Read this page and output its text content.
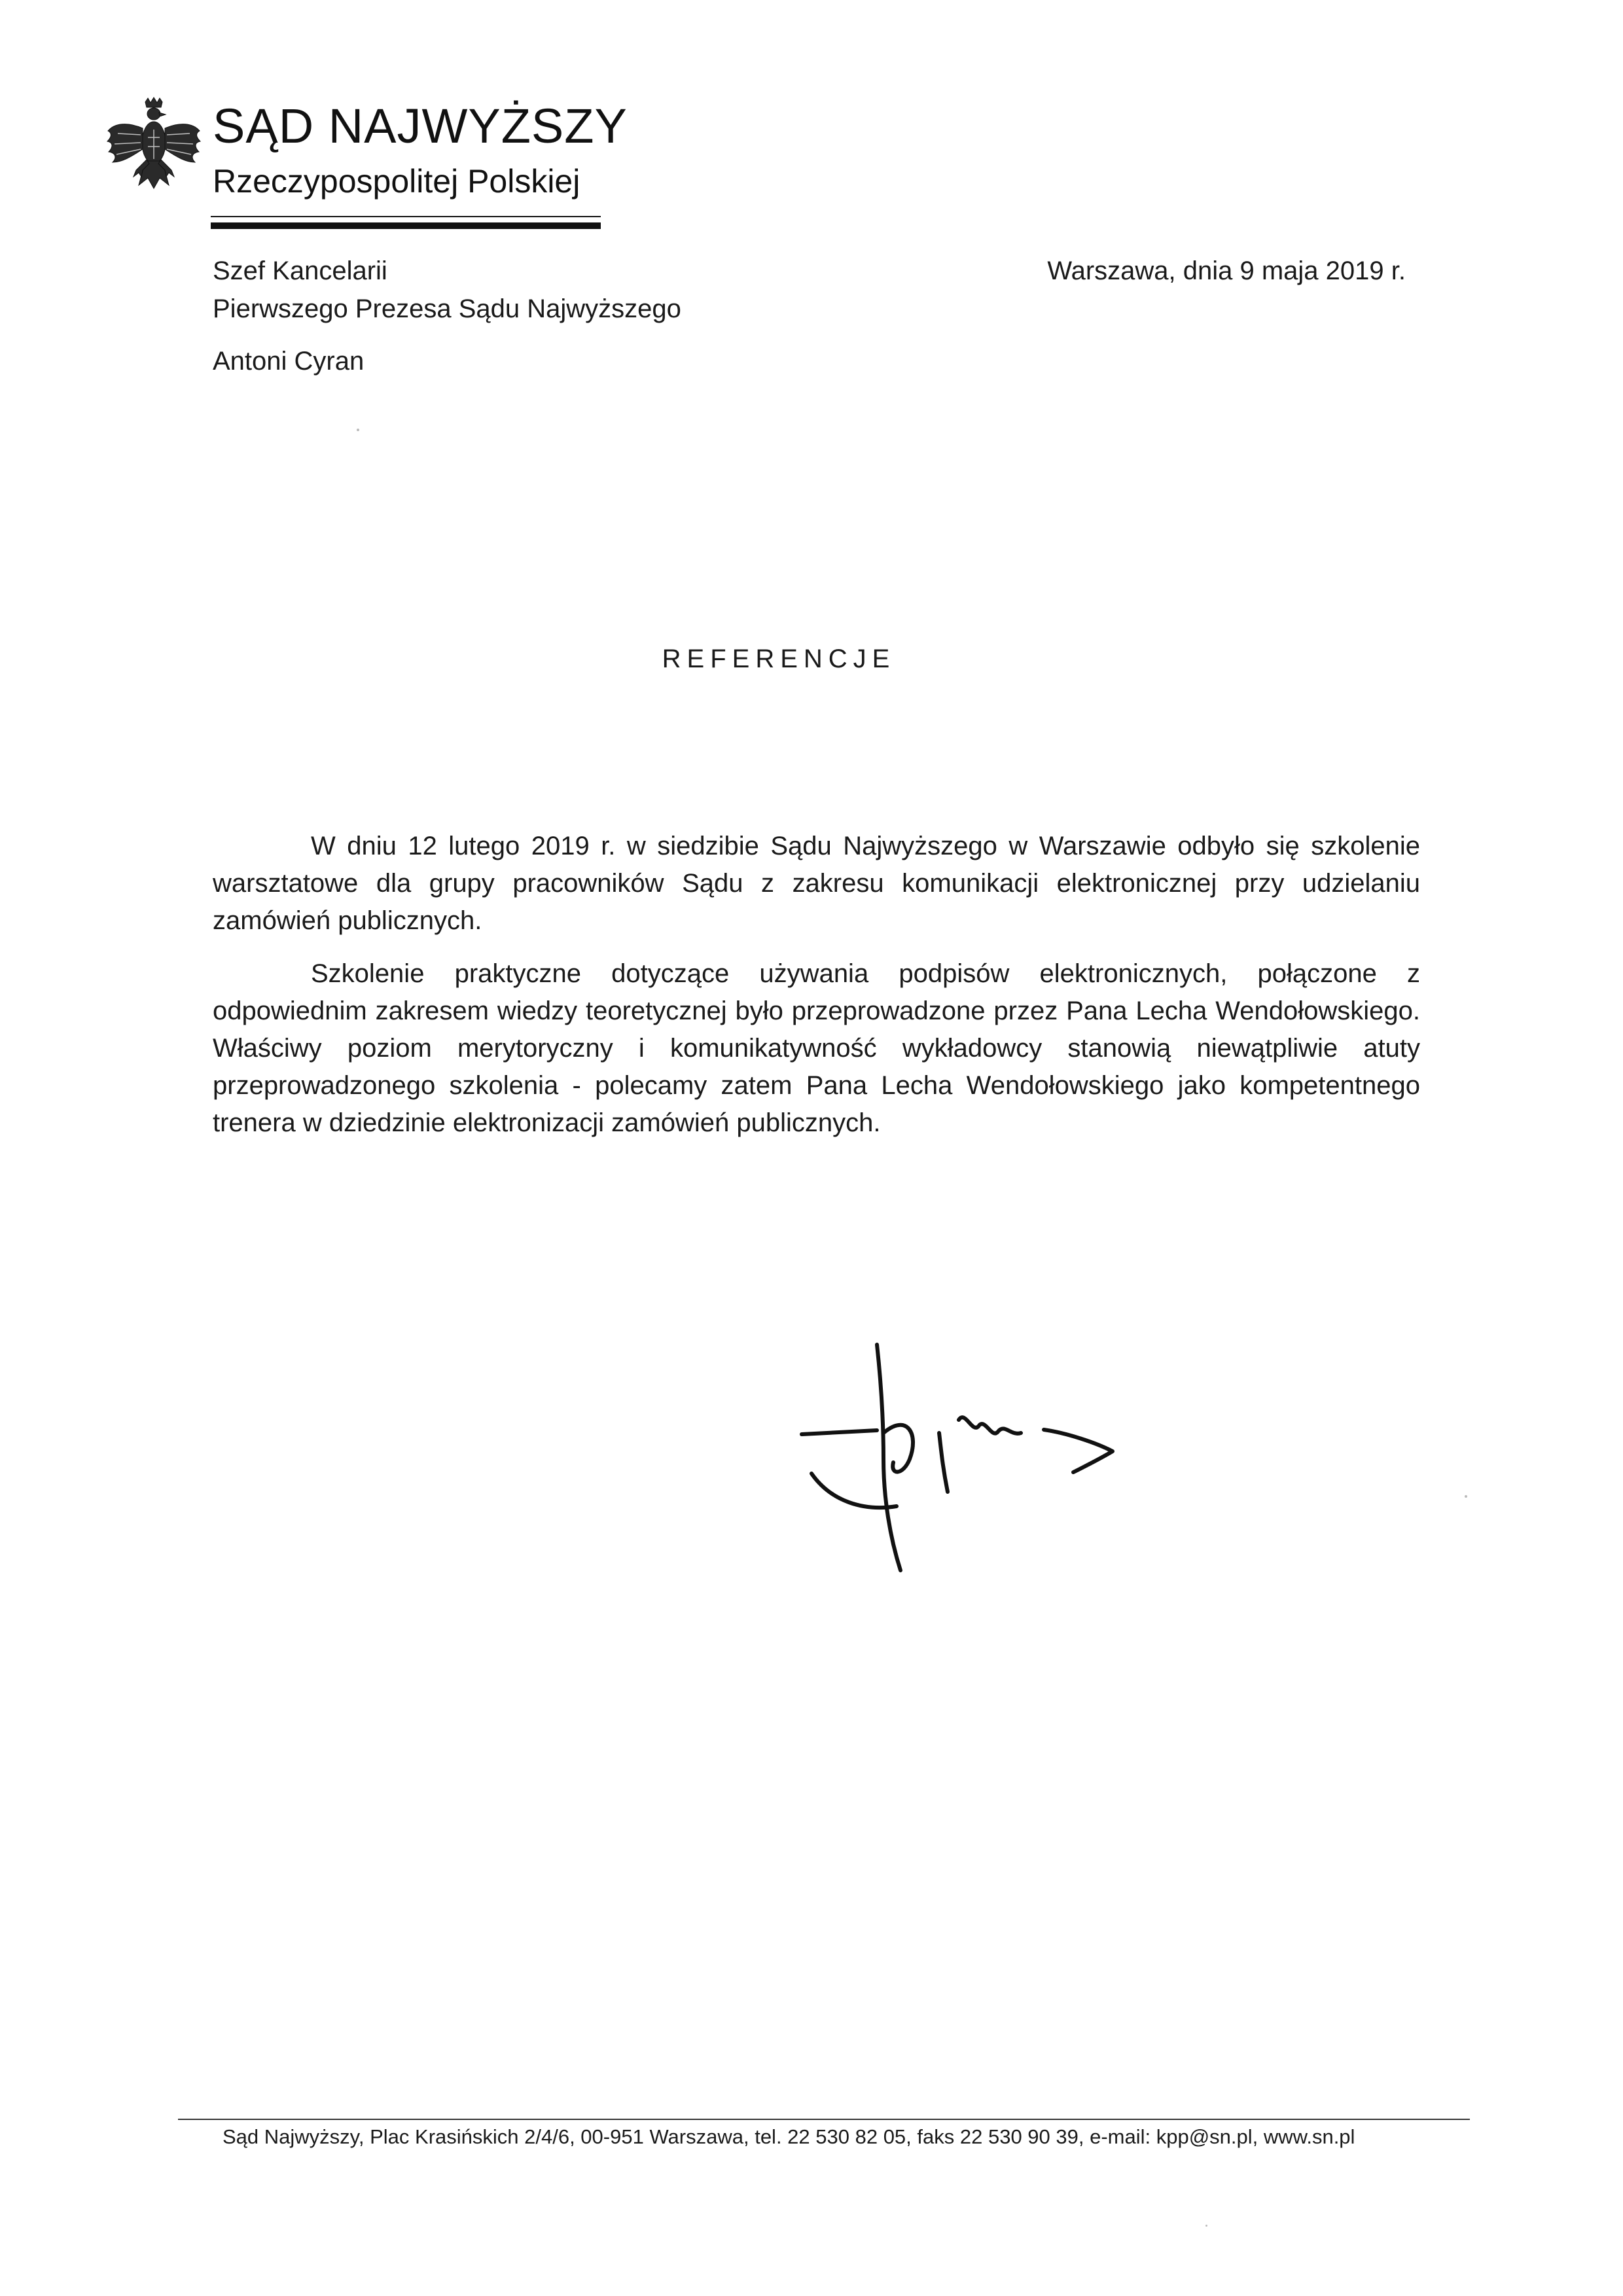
SĄD NAJWYŻSZY
Rzeczypospolitej Polskiej
Szef Kancelarii
Pierwszego Prezesa Sądu Najwyższego
Antoni Cyran
Warszawa, dnia 9 maja 2019 r.
REFERENCJE

W dniu 12 lutego 2019 r. w siedzibie Sądu Najwyższego w Warszawie odbyło się szkolenie warsztatowe dla grupy pracowników Sądu z zakresu komunikacji elektronicznej przy udzielaniu zamówień publicznych.

Szkolenie praktyczne dotyczące używania podpisów elektronicznych, połączone z odpowiednim zakresem wiedzy teoretycznej było przeprowadzone przez Pana Lecha Wendołowskiego. Właściwy poziom merytoryczny i komunikatywność wykładowcy stanowią niewątpliwie atuty przeprowadzonego szkolenia - polecamy zatem Pana Lecha Wendołowskiego jako kompetentnego trenera w dziedzinie elektronizacji zamówień publicznych.

Sąd Najwyższy, Plac Krasińskich 2/4/6, 00-951 Warszawa, tel. 22 530 82 05, faks 22 530 90 39, e-mail: kpp@sn.pl, www.sn.pl
